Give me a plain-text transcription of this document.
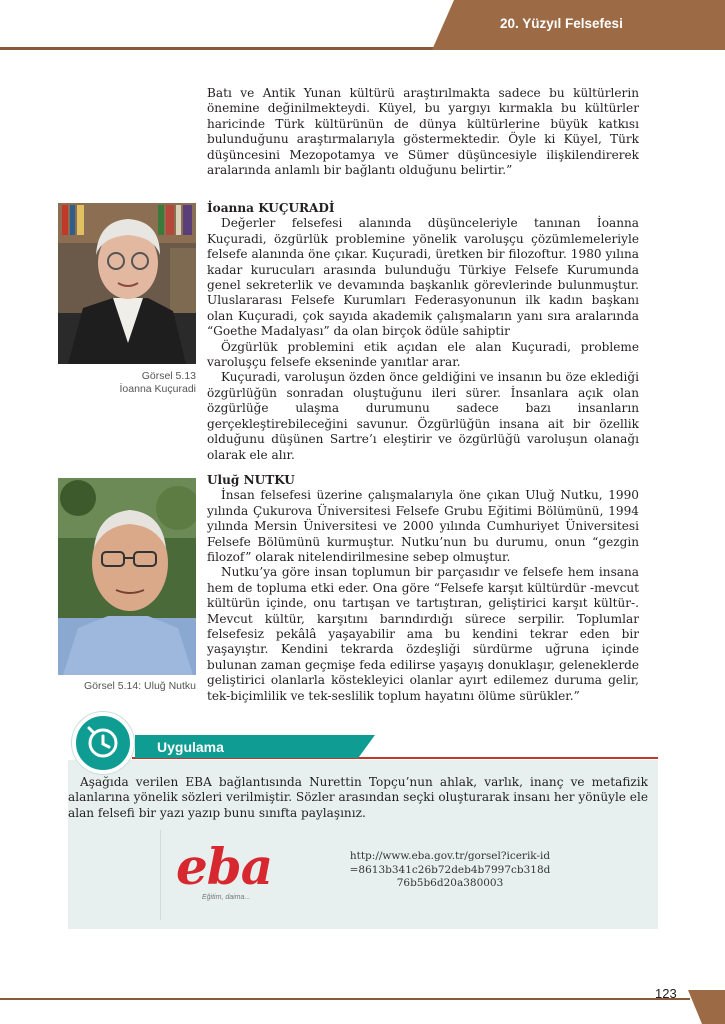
20. Yüzyıl Felsefesi

Batı ve Antik Yunan kültürü araştırılmakta sadece bu kültürlerin önemine değinilmekteydi. Küyel, bu yargıyı kırmakla bu kültürler haricinde Türk kültürünün de dünya kültürlerine büyük katkısı bulunduğunu araştırmalarıyla göstermektedir. Öyle ki Küyel, Türk düşüncesini Mezopotamya ve Sümer düşüncesiyle ilişkilendirerek aralarında anlamlı bir bağlantı olduğunu belirtir.”

Görsel 5.13
İoanna Kuçuradi

İoanna KUÇURADİ

Değerler felsefesi alanında düşünceleriyle tanınan İoanna Kuçuradi, özgürlük problemine yönelik varoluşçu çözümlemeleriyle felsefe alanında öne çıkar. Kuçuradi, üretken bir filozoftur. 1980 yılına kadar kurucuları arasında bulunduğu Türkiye Felsefe Kurumunda genel sekreterlik ve devamında başkanlık görevlerinde bulunmuştur. Uluslararası Felsefe Kurumları Federasyonunun ilk kadın başkanı olan Kuçuradi, çok sayıda akademik çalışmaların yanı sıra aralarında “Goethe Madalyası” da olan birçok ödüle sahiptir

Özgürlük problemini etik açıdan ele alan Kuçuradi, probleme varoluşçu felsefe ekseninde yanıtlar arar.

Kuçuradi, varoluşun özden önce geldiğini ve insanın bu öze eklediği özgürlüğün sonradan oluştuğunu ileri sürer. İnsanlara açık olan özgürlüğe ulaşma durumunu sadece bazı insanların gerçekleştirebileceğini savunur. Özgürlüğün insana ait bir özellik olduğunu düşünen Sartre’ı eleştirir ve özgürlüğü varoluşun olanağı olarak ele alır.

Görsel 5.14: Uluğ Nutku

Uluğ NUTKU

İnsan felsefesi üzerine çalışmalarıyla öne çıkan Uluğ Nutku, 1990 yılında Çukurova Üniversitesi Felsefe Grubu Eğitimi Bölümünü, 1994 yılında Mersin Üniversitesi ve 2000 yılında Cumhuriyet Üniversitesi Felsefe Bölümünü kurmuştur. Nutku’nun bu durumu, onun “gezgin filozof” olarak nitelendirilmesine sebep olmuştur.

Nutku’ya göre insan toplumun bir parçasıdır ve felsefe hem insana hem de topluma etki eder. Ona göre “Felsefe karşıt kültürdür -mevcut kültürün içinde, onu tartışan ve tartıştıran, geliştirici karşıt kültür-. Mevcut kültür, karşıtını barındırdığı sürece serpilir. Toplumlar felsefesiz pekâlâ yaşayabilir ama bu kendini tekrar eden bir yaşayıştır. Kendini tekrarda özdeşliği sürdürme uğruna içinde bulunan zaman geçmişe feda edilirse yaşayış donuklaşır, geleneklerde geliştirici olanlarla köstekleyici olanlar ayırt edilemez duruma gelir, tek-biçimlilik ve tek-seslilik toplum hayatını ölüme sürükler.”

Uygulama
Aşağıda verilen EBA bağlantısında Nurettin Topçu’nun ahlak, varlık, inanç ve metafizik alanlarına yönelik sözleri verilmiştir. Sözler arasından seçki oluşturarak insanı her yönüyle ele alan felsefi bir yazı yazıp bunu sınıfta paylaşınız.
eba
Eğitim, daima...
http://www.eba.gov.tr/gorsel?icerik-id
=8613b341c26b72deb4b7997cb318d
76b5b6d20a380003
123
